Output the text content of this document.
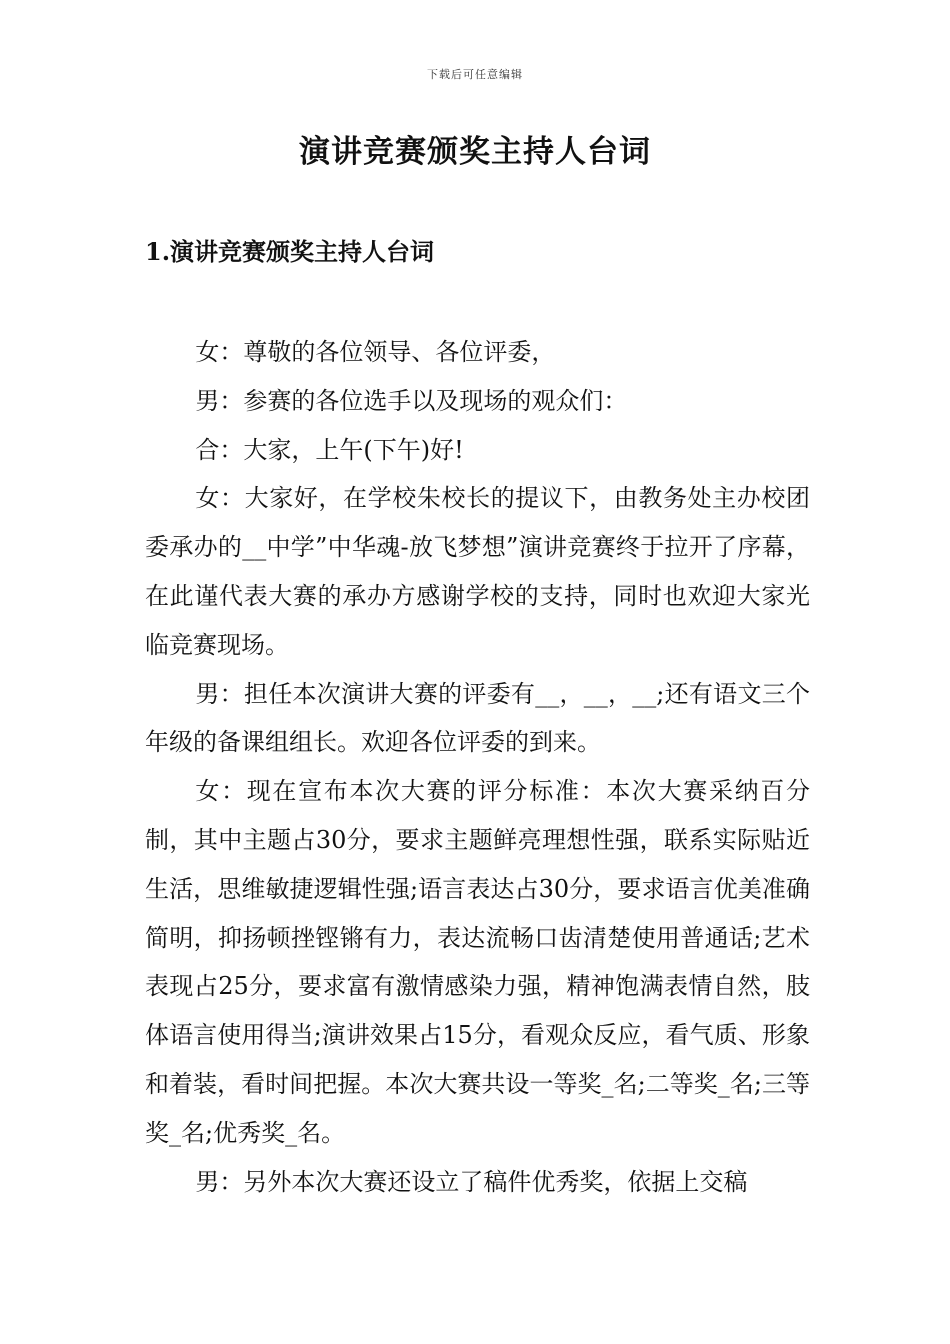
下载后可任意编辑
演讲竞赛颁奖主持人台词
1.演讲竞赛颁奖主持人台词

女：尊敬的各位领导、各位评委，

男：参赛的各位选手以及现场的观众们：

合：大家，上午(下午)好!

女：大家好，在学校朱校长的提议下，由教务处主办校团委承办的__中学”中华魂-放飞梦想”演讲竞赛终于拉开了序幕，在此谨代表大赛的承办方感谢学校的支持，同时也欢迎大家光临竞赛现场。

男：担任本次演讲大赛的评委有__，__，__;还有语文三个年级的备课组组长。欢迎各位评委的到来。

女：现在宣布本次大赛的评分标准：本次大赛采纳百分制，其中主题占30分，要求主题鲜亮理想性强，联系实际贴近生活，思维敏捷逻辑性强;语言表达占30分，要求语言优美准确简明，抑扬顿挫铿锵有力，表达流畅口齿清楚使用普通话;艺术表现占25分，要求富有激情感染力强，精神饱满表情自然，肢体语言使用得当;演讲效果占15分，看观众反应，看气质、形象和着装，看时间把握。本次大赛共设一等奖_名;二等奖_名;三等奖_名;优秀奖_名。

男：另外本次大赛还设立了稿件优秀奖，依据上交稿
